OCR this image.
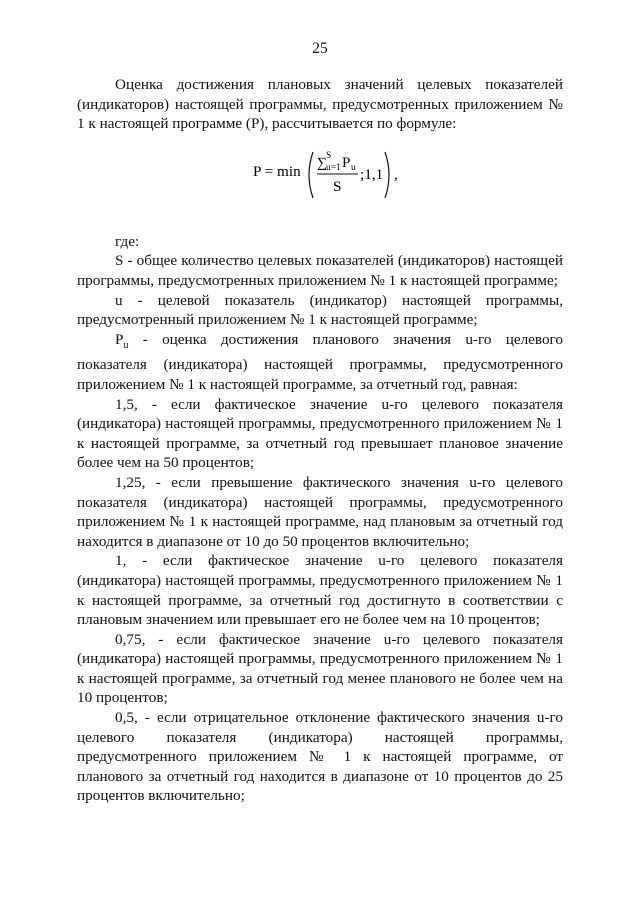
25

Оценка достижения плановых значений целевых показателей (индикаторов) настоящей программы, предусмотренных приложением № 1 к настоящей программе (P), рассчитывается по формуле:

P = min ∑ S
u=1 P u
S
;1,1 ,

где:

S - общее количество целевых показателей (индикаторов) настоящей программы, предусмотренных приложением № 1 к настоящей программе;

u - целевой показатель (индикатор) настоящей программы, предусмотренный приложением № 1 к настоящей программе;

$P_u$ - оценка достижения планового значения u-го целевого показателя (индикатора) настоящей программы, предусмотренного приложением № 1 к настоящей программе, за отчетный год, равная:

1,5, - если фактическое значение u-го целевого показателя (индикатора) настоящей программы, предусмотренного приложением № 1 к настоящей программе, за отчетный год превышает плановое значение более чем на 50 процентов;

1,25, - если превышение фактического значения u-го целевого показателя (индикатора) настоящей программы, предусмотренного приложением № 1 к настоящей программе, над плановым за отчетный год находится в диапазоне от 10 до 50 процентов включительно;

1, - если фактическое значение u-го целевого показателя (индикатора) настоящей программы, предусмотренного приложением № 1 к настоящей программе, за отчетный год достигнуто в соответствии с плановым значением или превышает его не более чем на 10 процентов;

0,75, - если фактическое значение u-го целевого показателя (индикатора) настоящей программы, предусмотренного приложением № 1 к настоящей программе, за отчетный год менее планового не более чем на 10 процентов;

0,5, - если отрицательное отклонение фактического значения u-го целевого показателя (индикатора) настоящей программы, предусмотренного приложением № 1 к настоящей программе, от планового за отчетный год находится в диапазоне от 10 процентов до 25 процентов включительно;
